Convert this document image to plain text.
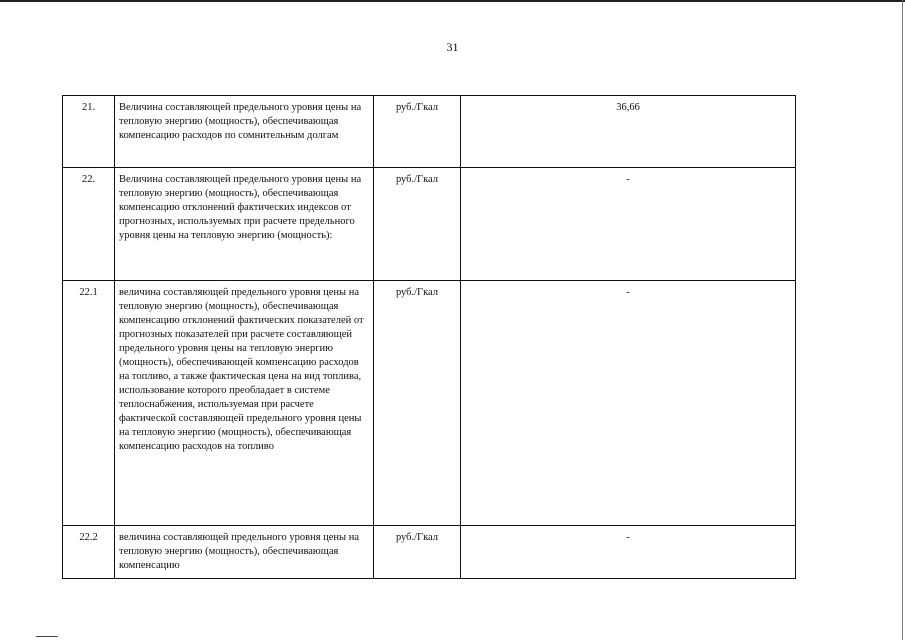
31
21.	Величина составляющей предельного уровня цены на тепловую энергию (мощность), обеспечивающая компенсацию расходов по сомнительным долгам	руб./Гкал	36,66
22.	Величина составляющей предельного уровня цены на тепловую энергию (мощность), обеспечивающая компенсацию отклонений фактических индексов от прогнозных, используемых при расчете предельного уровня цены на тепловую энергию (мощность):	руб./Гкал	-
22.1	величина составляющей предельного уровня цены на тепловую энергию (мощность), обеспечивающая компенсацию отклонений фактических показателей от прогнозных показателей при расчете составляющей предельного уровня цены на тепловую энергию (мощность), обеспечивающей компенсацию расходов на топливо, а также фактическая цена на вид топлива, использование которого преобладает в системе теплоснабжения, используемая при расчете фактической составляющей предельного уровня цены на тепловую энергию (мощность), обеспечивающая компенсацию расходов на топливо	руб./Гкал	-
22.2	величина составляющей предельного уровня цены на тепловую энергию (мощность), обеспечивающая компенсацию	руб./Гкал	-
